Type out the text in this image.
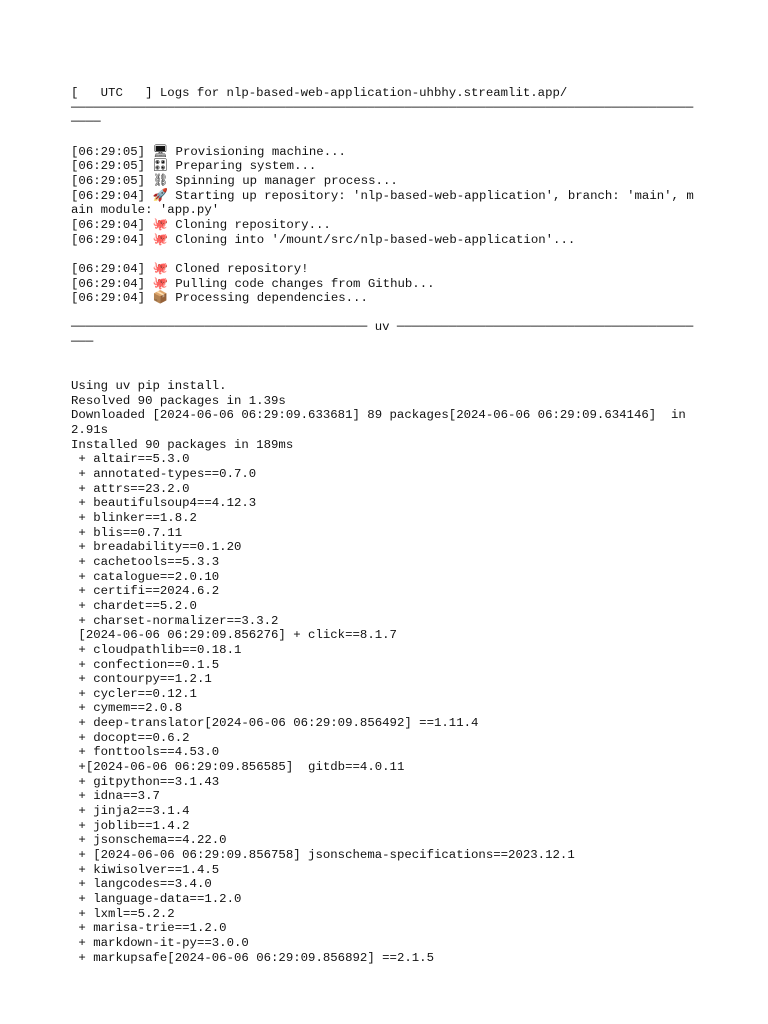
[   UTC   ] Logs for nlp-based-web-application-uhbhy.streamlit.app/
────────────────────────────────────────────────────────────────────────────────────────
[06:29:05] 🖥 Provisioning machine...
[06:29:05] 🎛 Preparing system...
[06:29:05] ⛓ Spinning up manager process...
[06:29:04] 🚀 Starting up repository: 'nlp-based-web-application', branch: 'main', main module: 'app.py'
[06:29:04] 🐙 Cloning repository...
[06:29:04] 🐙 Cloning into '/mount/src/nlp-based-web-application'...
[06:29:04] 🐙 Cloned repository!
[06:29:04] 🐙 Pulling code changes from Github...
[06:29:04] 📦 Processing dependencies...
──────────────────────────────────────── uv ───────────────────────────────────────────
Using uv pip install.
Resolved 90 packages in 1.39s
Downloaded [2024-06-06 06:29:09.633681] 89 packages[2024-06-06 06:29:09.634146]  in 2.91s
Installed 90 packages in 189ms
+ altair==5.3.0
+ annotated-types==0.7.0
+ attrs==23.2.0
+ beautifulsoup4==4.12.3
+ blinker==1.8.2
+ blis==0.7.11
+ breadability==0.1.20
+ cachetools==5.3.3
+ catalogue==2.0.10
+ certifi==2024.6.2
+ chardet==5.2.0
+ charset-normalizer==3.3.2
[2024-06-06 06:29:09.856276] + click==8.1.7
+ cloudpathlib==0.18.1
+ confection==0.1.5
+ contourpy==1.2.1
+ cycler==0.12.1
+ cymem==2.0.8
+ deep-translator[2024-06-06 06:29:09.856492] ==1.11.4
+ docopt==0.6.2
+ fonttools==4.53.0
+[2024-06-06 06:29:09.856585]  gitdb==4.0.11
+ gitpython==3.1.43
+ idna==3.7
+ jinja2==3.1.4
+ joblib==1.4.2
+ jsonschema==4.22.0
+ [2024-06-06 06:29:09.856758] jsonschema-specifications==2023.12.1
+ kiwisolver==1.4.5
+ langcodes==3.4.0
+ language-data==1.2.0
+ lxml==5.2.2
+ marisa-trie==1.2.0
+ markdown-it-py==3.0.0
+ markupsafe[2024-06-06 06:29:09.856892] ==2.1.5
